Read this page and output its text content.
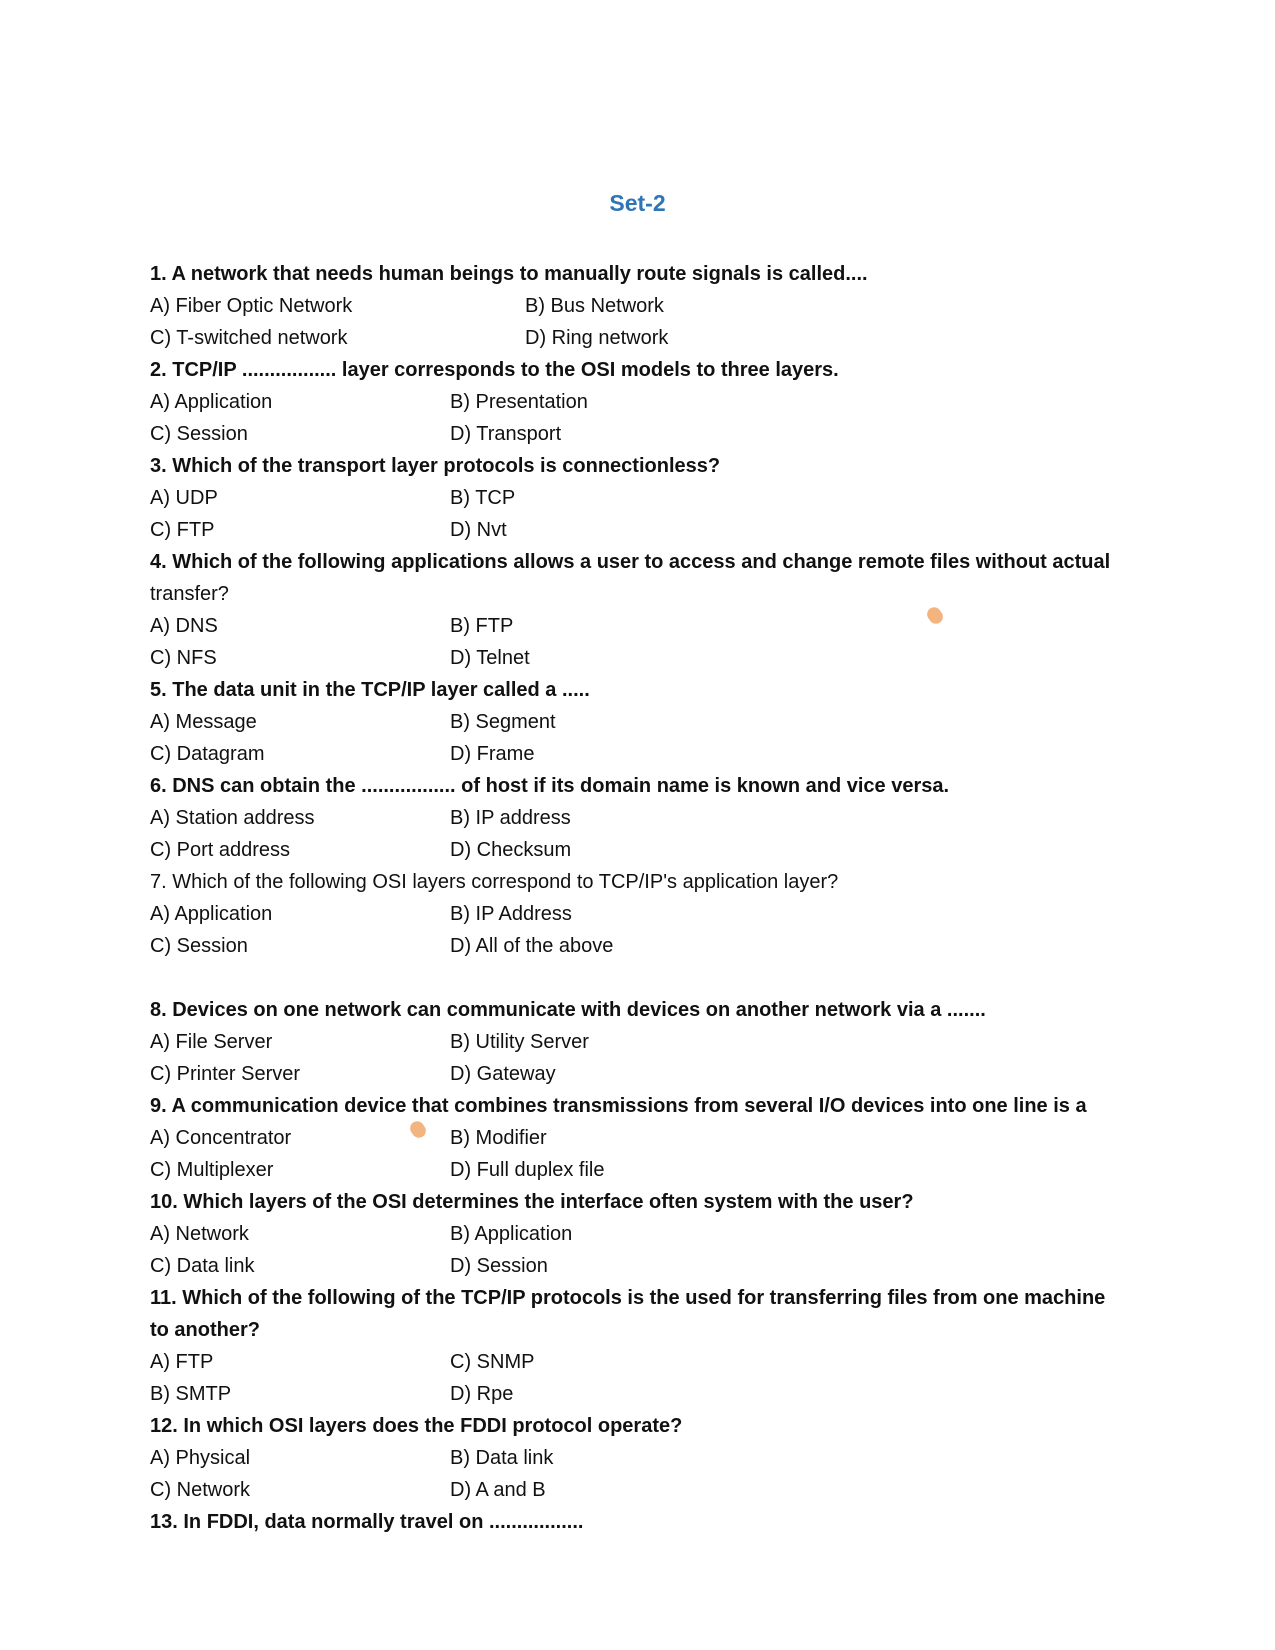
Set-2
1. A network that needs human beings to manually route signals is called....
A) Fiber Optic Network	B) Bus Network
C) T-switched network	D) Ring network
2. TCP/IP ................. layer corresponds to the OSI models to three layers.
A) Application	B) Presentation
C) Session	D) Transport
3. Which of the transport layer protocols is connectionless?
A) UDP	B) TCP
C) FTP	D) Nvt
4. Which of the following applications allows a user to access and change remote files without actual
transfer?
A) DNS	B) FTP
C) NFS	D) Telnet
5. The data unit in the TCP/IP layer called a .....
A) Message	B) Segment
C) Datagram	D) Frame
6. DNS can obtain the ................. of host if its domain name is known and vice versa.
A) Station address	B) IP address
C) Port address	D) Checksum
7. Which of the following OSI layers correspond to TCP/IP's application layer?
A) Application	B) IP Address
C) Session	D) All of the above
8. Devices on one network can communicate with devices on another network via a .......
A) File Server	B) Utility Server
C) Printer Server	D) Gateway
9. A communication device that combines transmissions from several I/O devices into one line is a
A) Concentrator	B) Modifier
C) Multiplexer	D) Full duplex file
10. Which layers of the OSI determines the interface often system with the user?
A) Network	B) Application
C) Data link	D) Session
11. Which of the following of the TCP/IP protocols is the used for transferring files from one machine
to another?
A) FTP	C) SNMP
B) SMTP	D) Rpe
12. In which OSI layers does the FDDI protocol operate?
A) Physical	B) Data link
C) Network	D) A and B
13. In FDDI, data normally travel on .................
